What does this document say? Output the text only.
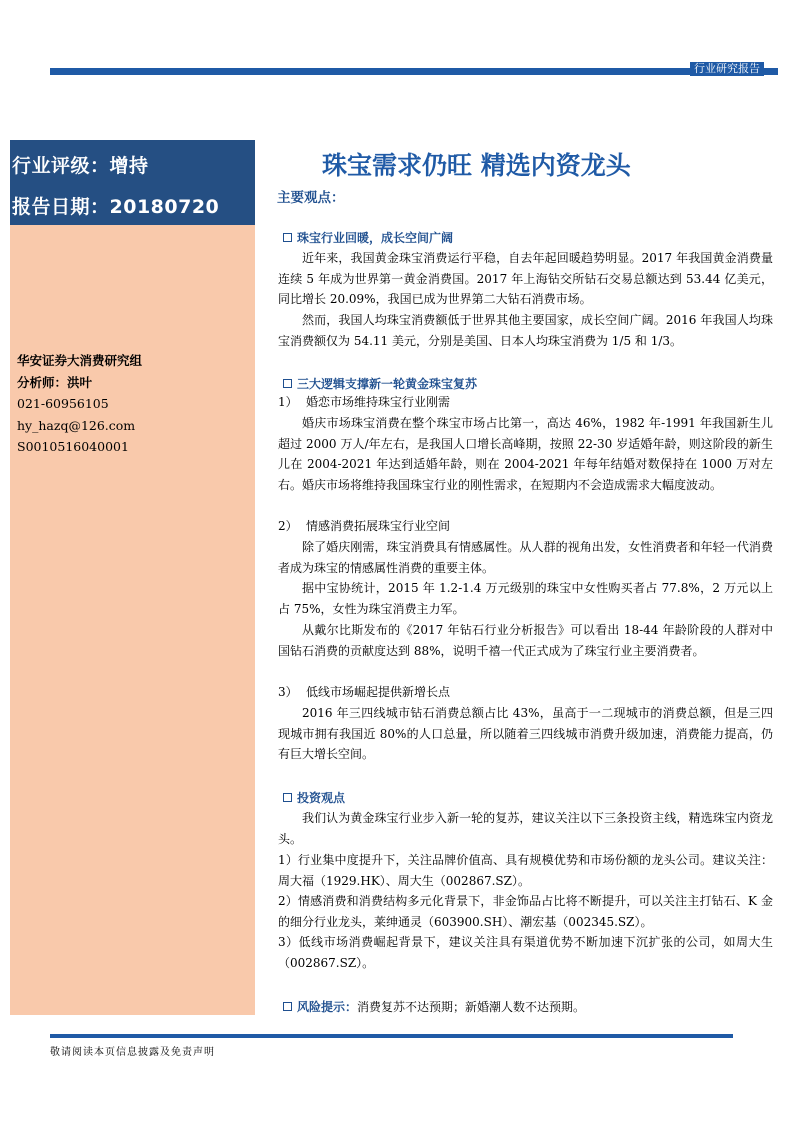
行业研究报告
行业评级：增持
报告日期：20180720
华安证券大消费研究组
分析师：洪叶
021-60956105
hy_hazq@126.com
S0010516040001
珠宝需求仍旺 精选内资龙头
主要观点：
珠宝行业回暖，成长空间广阔

近年来，我国黄金珠宝消费运行平稳，自去年起回暖趋势明显。2017 年我国黄金消费量连续 5 年成为世界第一黄金消费国。2017 年上海钻交所钻石交易总额达到 53.44 亿美元，同比增长 20.09%，我国已成为世界第二大钻石消费市场。

然而，我国人均珠宝消费额低于世界其他主要国家，成长空间广阔。2016 年我国人均珠宝消费额仅为 54.11 美元，分别是美国、日本人均珠宝消费为 1/5 和 1/3。

三大逻辑支撑新一轮黄金珠宝复苏
1） 婚恋市场维持珠宝行业刚需

婚庆市场珠宝消费在整个珠宝市场占比第一，高达 46%，1982 年-1991 年我国新生儿超过 2000 万人/年左右，是我国人口增长高峰期，按照 22-30 岁适婚年龄，则这阶段的新生儿在 2004-2021 年达到适婚年龄，则在 2004-2021 年每年结婚对数保持在 1000 万对左右。婚庆市场将维持我国珠宝行业的刚性需求，在短期内不会造成需求大幅度波动。

2） 情感消费拓展珠宝行业空间

除了婚庆刚需，珠宝消费具有情感属性。从人群的视角出发，女性消费者和年轻一代消费者成为珠宝的情感属性消费的重要主体。

据中宝协统计，2015 年 1.2-1.4 万元级别的珠宝中女性购买者占 77.8%，2 万元以上占 75%，女性为珠宝消费主力军。

从戴尔比斯发布的《2017 年钻石行业分析报告》可以看出 18-44 年龄阶段的人群对中国钻石消费的贡献度达到 88%，说明千禧一代正式成为了珠宝行业主要消费者。

3） 低线市场崛起提供新增长点

2016 年三四线城市钻石消费总额占比 43%，虽高于一二现城市的消费总额，但是三四现城市拥有我国近 80%的人口总量，所以随着三四线城市消费升级加速，消费能力提高，仍有巨大增长空间。

投资观点

我们认为黄金珠宝行业步入新一轮的复苏，建议关注以下三条投资主线，精选珠宝内资龙头。

1）行业集中度提升下，关注品牌价值高、具有规模优势和市场份额的龙头公司。建议关注：周大福（1929.HK）、周大生（002867.SZ）。

2）情感消费和消费结构多元化背景下，非金饰品占比将不断提升，可以关注主打钻石、K 金的细分行业龙头，莱绅通灵（603900.SH）、潮宏基（002345.SZ）。

3）低线市场消费崛起背景下，建议关注具有渠道优势不断加速下沉扩张的公司，如周大生（002867.SZ）。

风险提示： 消费复苏不达预期；新婚潮人数不达预期。
敬请阅读本页信息披露及免责声明
